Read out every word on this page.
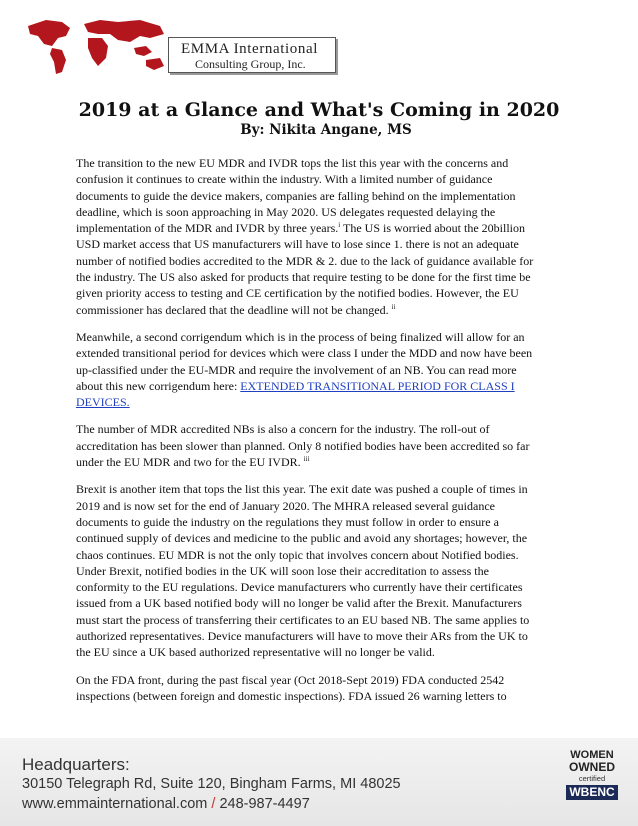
EMMA International
Consulting Group, Inc.
2019 at a Glance and What's Coming in 2020
By: Nikita Angane, MS

The transition to the new EU MDR and IVDR tops the list this year with the concerns and confusion it continues to create within the industry. With a limited number of guidance documents to guide the device makers, companies are falling behind on the implementation deadline, which is soon approaching in May 2020. US delegates requested delaying the implementation of the MDR and IVDR by three years.$^i$ The US is worried about the 20billion USD market access that US manufacturers will have to lose since 1. there is not an adequate number of notified bodies accredited to the MDR & 2. due to the lack of guidance available for the industry. The US also asked for products that require testing to be done for the first time be given priority access to testing and CE certification by the notified bodies. However, the EU commissioner has declared that the deadline will not be changed. $^{ii}$

Meanwhile, a second corrigendum which is in the process of being finalized will allow for an extended transitional period for devices which were class I under the MDD and now have been up-classified under the EU-MDR and require the involvement of an NB. You can read more about this new corrigendum here: EXTENDED TRANSITIONAL PERIOD FOR CLASS I DEVICES.

The number of MDR accredited NBs is also a concern for the industry. The roll-out of accreditation has been slower than planned. Only 8 notified bodies have been accredited so far under the EU MDR and two for the EU IVDR. $^{iii}$

Brexit is another item that tops the list this year. The exit date was pushed a couple of times in 2019 and is now set for the end of January 2020. The MHRA released several guidance documents to guide the industry on the regulations they must follow in order to ensure a continued supply of devices and medicine to the public and avoid any shortages; however, the chaos continues. EU MDR is not the only topic that involves concern about Notified bodies. Under Brexit, notified bodies in the UK will soon lose their accreditation to assess the conformity to the EU regulations. Device manufacturers who currently have their certificates issued from a UK based notified body will no longer be valid after the Brexit. Manufacturers must start the process of transferring their certificates to an EU based NB. The same applies to authorized representatives. Device manufacturers will have to move their ARs from the UK to the EU since a UK based authorized representative will no longer be valid.

On the FDA front, during the past fiscal year (Oct 2018-Sept 2019) FDA conducted 2542 inspections (between foreign and domestic inspections). FDA issued 26 warning letters to

Headquarters:
30150 Telegraph Rd, Suite 120, Bingham Farms, MI 48025
www.emmainternational.com / 248-987-4497
WOMEN
OWNED
certified
WBENC
